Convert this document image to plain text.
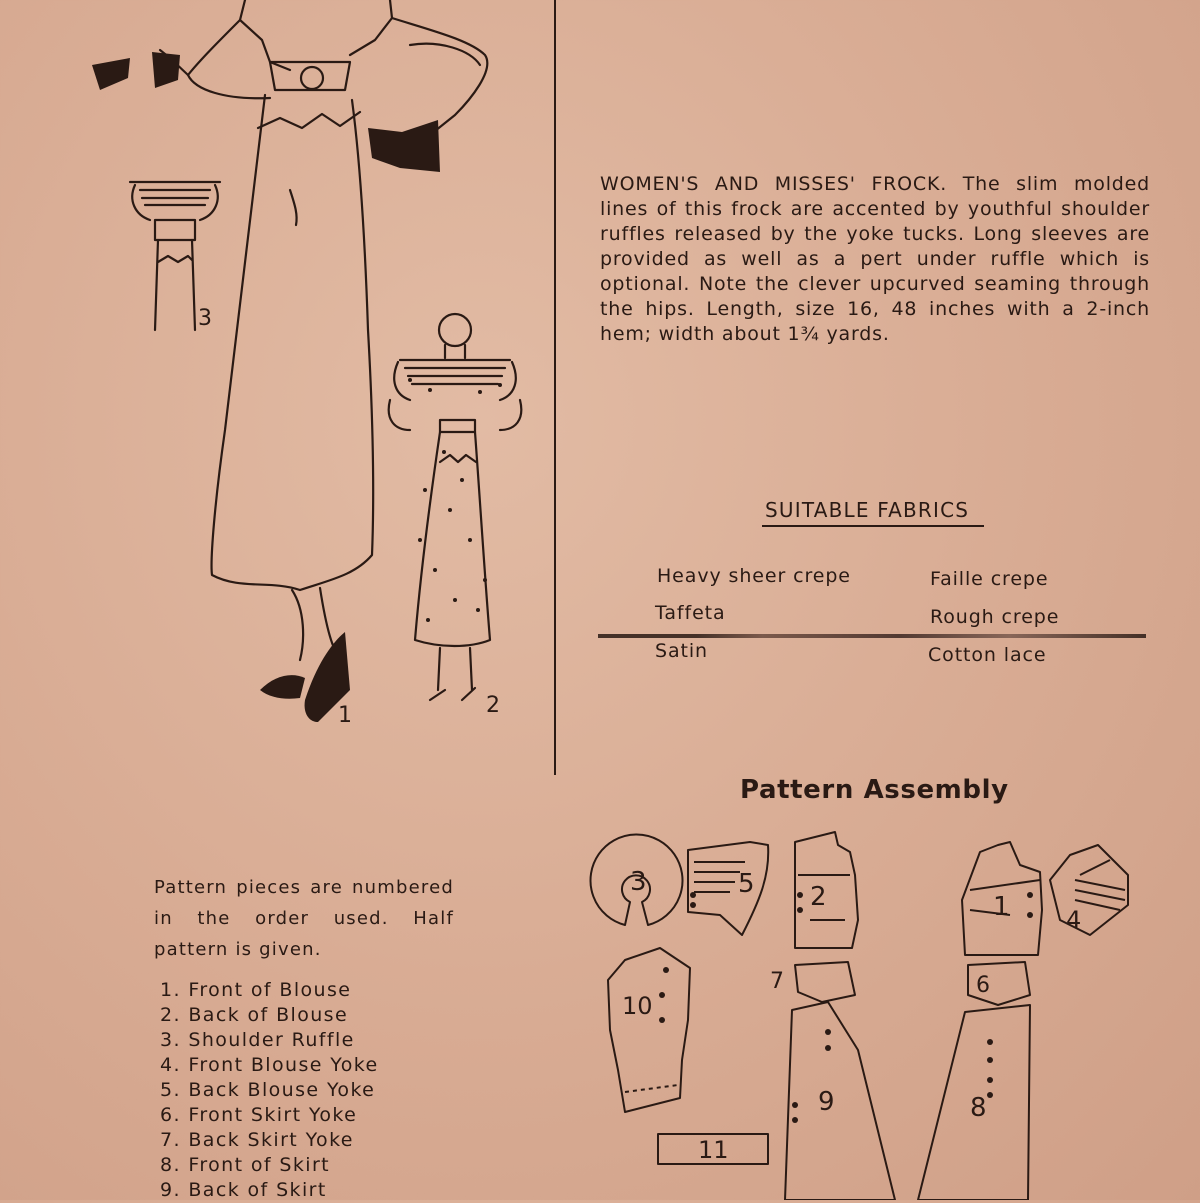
1	2
3

WOMEN'S AND MISSES' FROCK. The slim molded lines of this frock are accented by youthful shoulder ruffles released by the yoke tucks. Long sleeves are provided as well as a pert under ruffle which is optional. Note the clever upcurved seaming through the hips. Length, size 16, 48 inches with a 2-inch hem; width about 1¾ yards.

SUITABLE FABRICS
Heavy sheer crepe
Taffeta
Satin
Faille crepe
Rough crepe
Cotton lace

Pattern pieces are numbered in the order used. Half pattern is given.

1. Front of Blouse
2. Back of Blouse
3. Shoulder Ruffle
4. Front Blouse Yoke
5. Back Blouse Yoke
6. Front Skirt Yoke
7. Back Skirt Yoke
8. Front of Skirt
9. Back of Skirt
Pattern Assembly
1
2
3
4
5
6
7
8
9
10
11
